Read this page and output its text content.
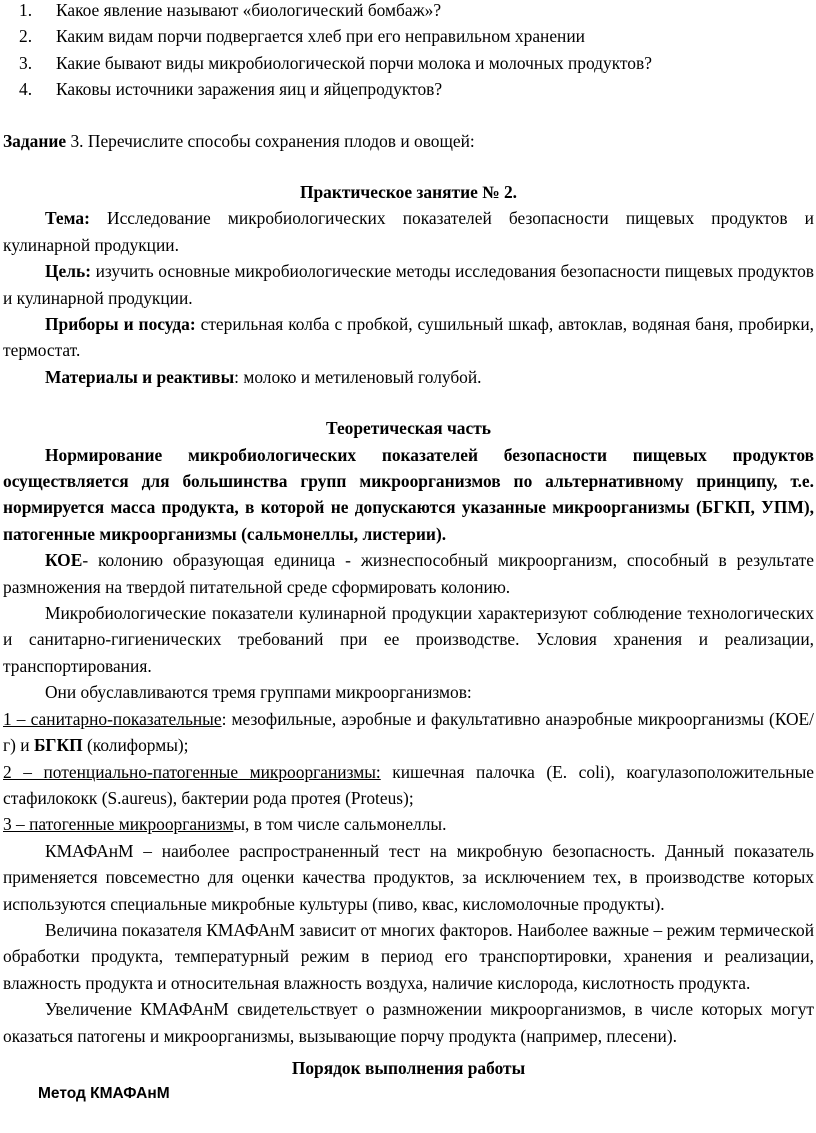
1.	Какое явление называют «биологический бомбаж»?
2.	Каким видам порчи подвергается хлеб при его неправильном хранении
3.	Какие бывают виды микробиологической порчи молока и молочных продуктов?
4.	Каковы источники заражения яиц и яйцепродуктов?

Задание 3. Перечислите способы сохранения плодов и овощей:

Практическое занятие № 2.

Тема: Исследование микробиологических показателей безопасности пищевых продуктов и кулинарной продукции.

Цель: изучить основные микробиологические методы исследования безопасности пищевых продуктов и кулинарной продукции.

Приборы и посуда: стерильная колба с пробкой, сушильный шкаф, автоклав, водяная баня, пробирки, термостат.

Материалы и реактивы: молоко и метиленовый голубой.

Теоретическая часть

Нормирование микробиологических показателей безопасности пищевых продуктов осуществляется для большинства групп микроорганизмов по альтернативному принципу, т.е. нормируется масса продукта, в которой не допускаются указанные микроорганизмы (БГКП, УПМ), патогенные микроорганизмы (сальмонеллы, листерии).

КОЕ- колонию образующая единица - жизнеспособный микроорганизм, способный в результате размножения на твердой питательной среде сформировать колонию.

Микробиологические показатели кулинарной продукции характеризуют соблюдение технологических и санитарно-гигиенических требований при ее производстве. Условия хранения и реализации, транспортирования.

Они обуславливаются тремя группами микроорганизмов:

1 – санитарно-показательные: мезофильные, аэробные и факультативно анаэробные микроорганизмы (КОЕ/г) и БГКП (колиформы);

2 – потенциально-патогенные микроорганизмы: кишечная палочка (E. coli), коагулазоположительные стафилококк (S.aureus), бактерии рода протея (Proteus);

3 – патогенные микроорганизмы, в том числе сальмонеллы.

КМАФАнМ – наиболее распространенный тест на микробную безопасность. Данный показатель применяется повсеместно для оценки качества продуктов, за исключением тех, в производстве которых используются специальные микробные культуры (пиво, квас, кисломолочные продукты).

Величина показателя КМАФАнМ зависит от многих факторов. Наиболее важные – режим термической обработки продукта, температурный режим в период его транспортировки, хранения и реализации, влажность продукта и относительная влажность воздуха, наличие кислорода, кислотность продукта.

Увеличение КМАФАнМ свидетельствует о размножении микроорганизмов, в числе которых могут оказаться патогены и микроорганизмы, вызывающие порчу продукта (например, плесени).

Порядок выполнения работы

Метод КМАФАнМ
